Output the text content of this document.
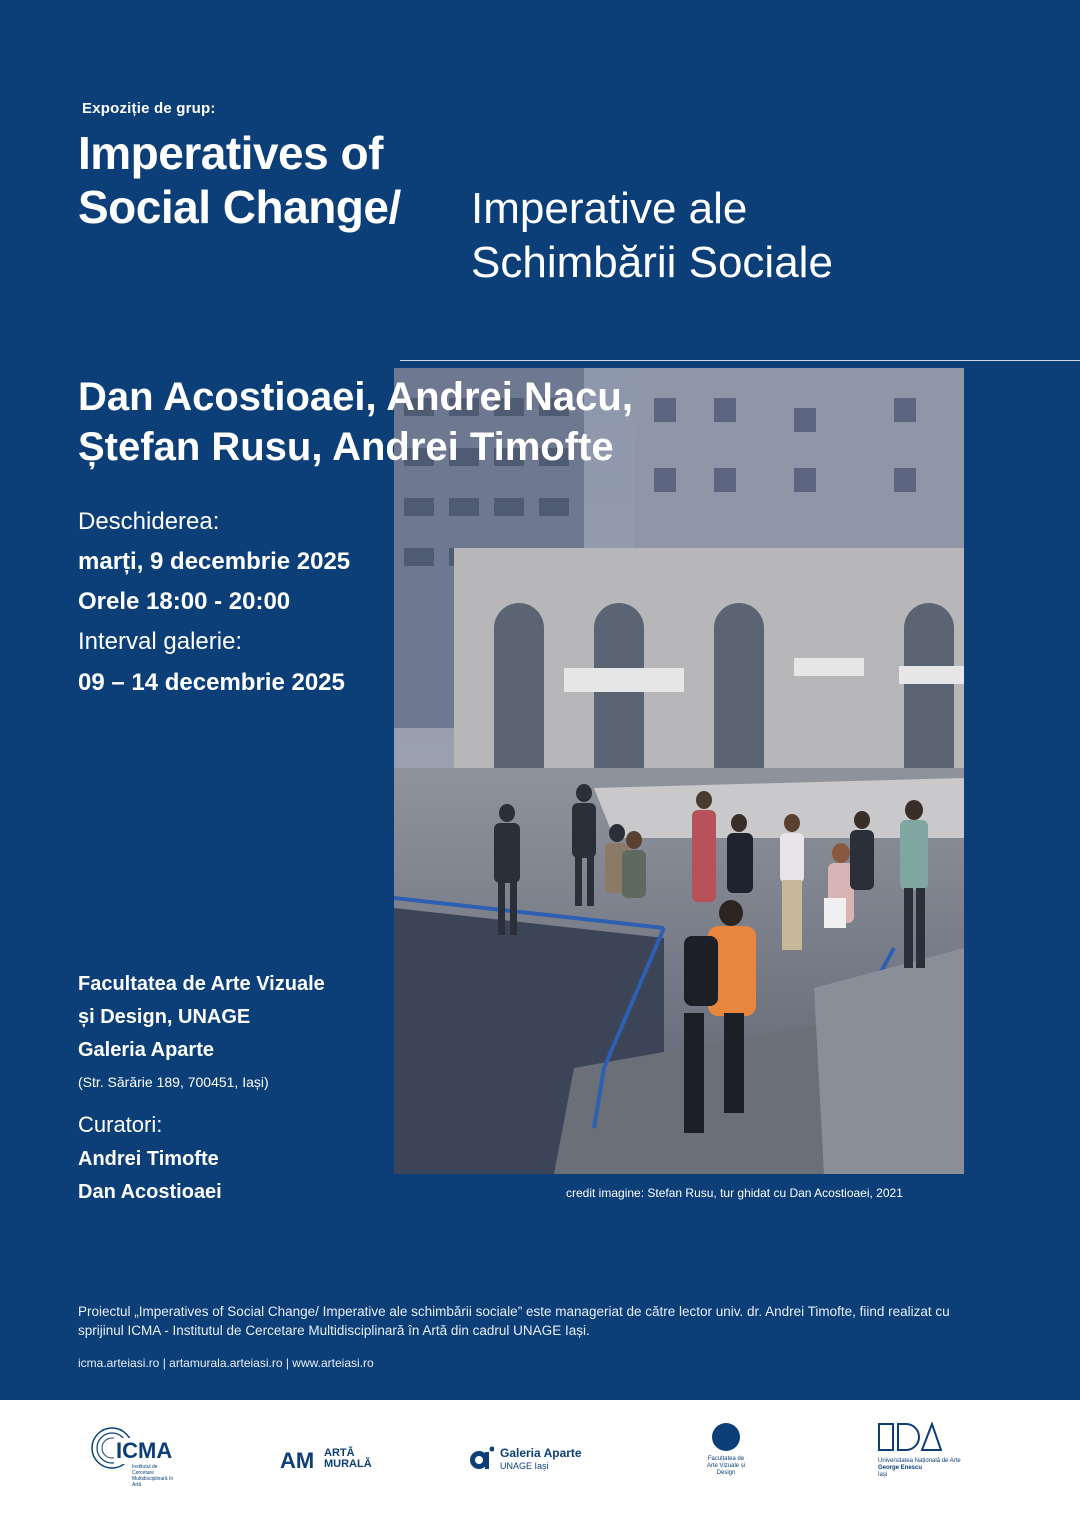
Expoziție de grup:
Imperatives of
Social Change/ Imperative ale
Schimbării Sociale
Dan Acostioaei, Andrei Nacu,
Ștefan Rusu, Andrei Timofte
Deschiderea:
marți, 9 decembrie 2025
Orele 18:00 - 20:00
Interval galerie:
09 – 14 decembrie 2025
Facultatea de Arte Vizuale
și Design, UNAGE
Galeria Aparte
(Str. Sărărie 189, 700451, Iași)
Curatori:
Andrei Timofte
Dan Acostioaei	credit imagine: Stefan Rusu, tur ghidat cu Dan Acostioaei, 2021
Proiectul „Imperatives of Social Change/ Imperative ale schimbării sociale” este manageriat de către lector univ. dr. Andrei Timofte, fiind realizat cu sprijinul ICMA - Institutul de Cercetare Multidisciplinară în Artă din cadrul UNAGE Iași.
icma.arteiasi.ro | artamurala.arteiasi.ro | www.arteiasi.ro
ICMA
Institutul de Cercetare Multidisciplinară în Artă
AM ARTĂ
MURALĂ
Galeria Aparte
UNAGE Iași
Facultatea de
Arte Vizuale și
Design
Universitatea Națională de Arte
George Enescu
Iași
